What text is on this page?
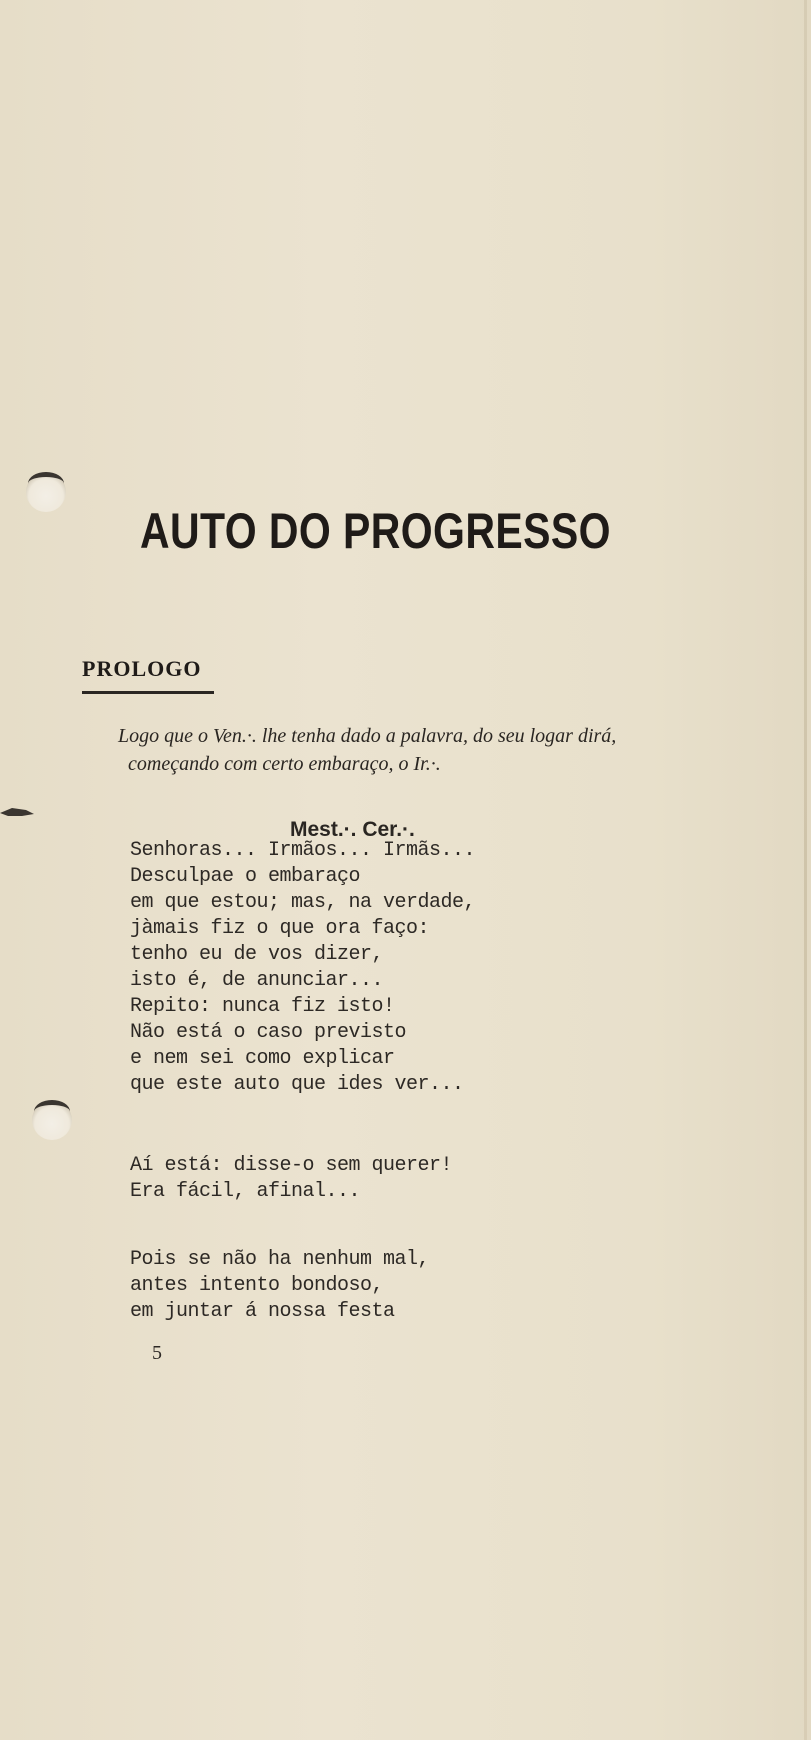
AUTO DO PROGRESSO
PROLOGO

Logo que o Ven.·. lhe tenha dado a palavra, do seu logar dirá, começando com certo embaraço, o Ir.·.

Mest.·. Cer.·.

Senhoras... Irmãos... Irmãs...
Desculpae o embaraço
em que estou; mas, na verdade,
jàmais fiz o que ora faço:
tenho eu de vos dizer,
isto é, de anunciar...
Repito: nunca fiz isto!
Não está o caso previsto
e nem sei como explicar
que este auto que ides ver...
Aí está: disse-o sem querer!
Era fácil, afinal...
Pois se não ha nenhum mal,
antes intento bondoso,
em juntar á nossa festa

5
